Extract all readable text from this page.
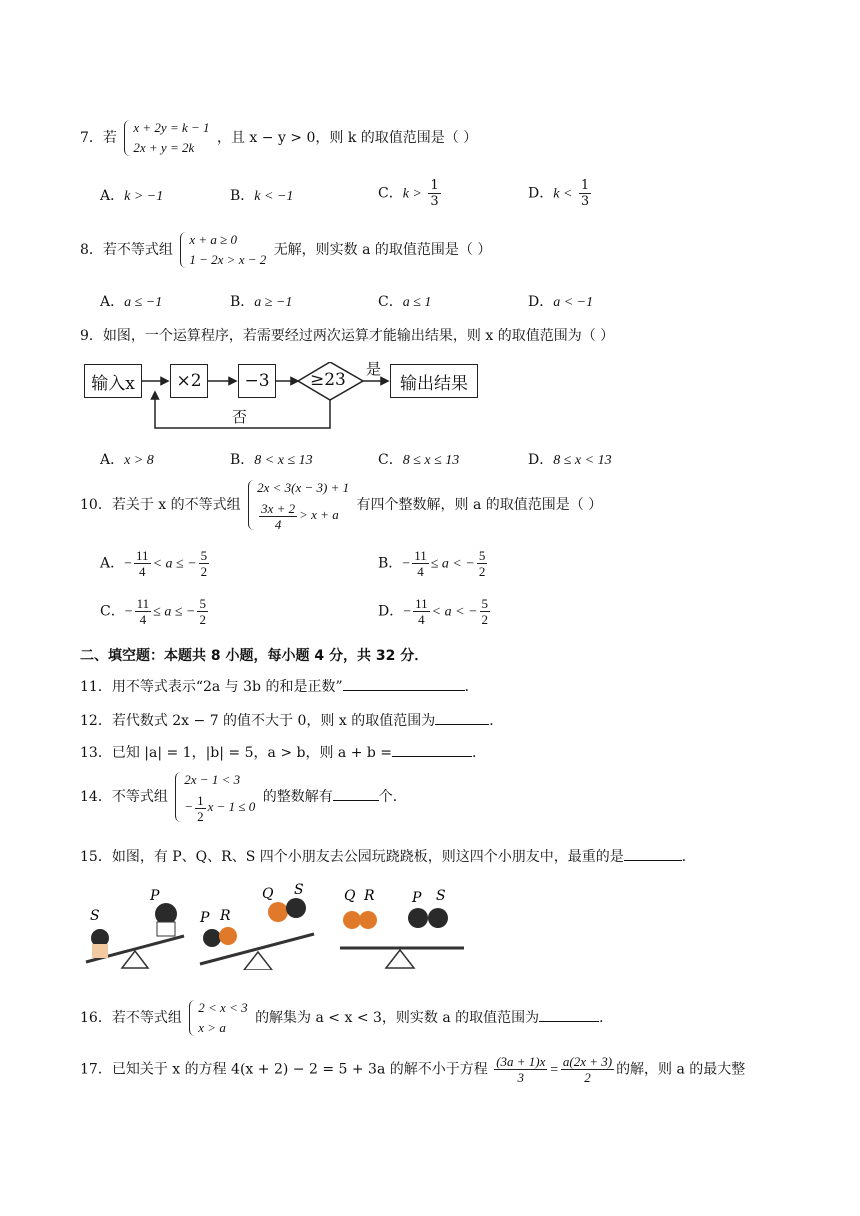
7．若
x + 2y = k − 1
2x + y = 2k
，且 x − y > 0，则 k 的取值范围是（ ）
A．k > −1	B．k < −1	C．$k > \frac{1}{3}$	D．$k < \frac{1}{3}$
8．若不等式组
x + a ≥ 0
1 − 2x > x − 2
无解，则实数 a 的取值范围是（ ）
A．a ≤ −1	B．a ≥ −1	C．a ≤ 1	D．a < −1
9．如图，一个运算程序，若需要经过两次运算才能输出结果，则 x 的取值范围为（ ）
输入x	×2	−3	≥23
是
否
输出结果
A．x > 8	B．8 < x ≤ 13	C．8 ≤ x ≤ 13	D．8 ≤ x < 13
10．若关于 x 的不等式组
2x < 3(x − 3) + 1
$\frac{3x + 2}{4} > x + a$
有四个整数解，则 a 的取值范围是（ ）
A．− $\frac{11}{4} < a$ ≤ − $\frac{5}{2}$	B．− $\frac{11}{4} \le a$ < − $\frac{5}{2}$
C．− $\frac{11}{4} \le a$ ≤ − $\frac{5}{2}$	D．− $\frac{11}{4} < a$ < − $\frac{5}{2}$
二、填空题：本题共 8 小题，每小题 4 分，共 32 分．
11．用不等式表示“2a 与 3b 的和是正数”	．
12．若代数式 2x − 7 的值不大于 0，则 x 的取值范围为	．
13．已知 |a| = 1，|b| = 5，a > b，则 a + b =	．
14．不等式组
2x − 1 < 3
− $\frac{1}{2}$ x − 1 ≤ 0
的整数解有	个．
15．如图，有 P、Q、R、S 四个小朋友去公园玩跷跷板，则这四个小朋友中，最重的是	．
S
P
P R
Q S	Q R	P S
16．若不等式组
2 < x < 3
x > a
的解集为 a < x < 3，则实数 a 的取值范围为	．
17．已知关于 x 的方程 4(x + 2) − 2 = 5 + 3a 的解不小于方程 $\frac{(3a + 1)x}{3} = \frac{a(2x + 3)}{2}$ 的解，则 a 的最大整
